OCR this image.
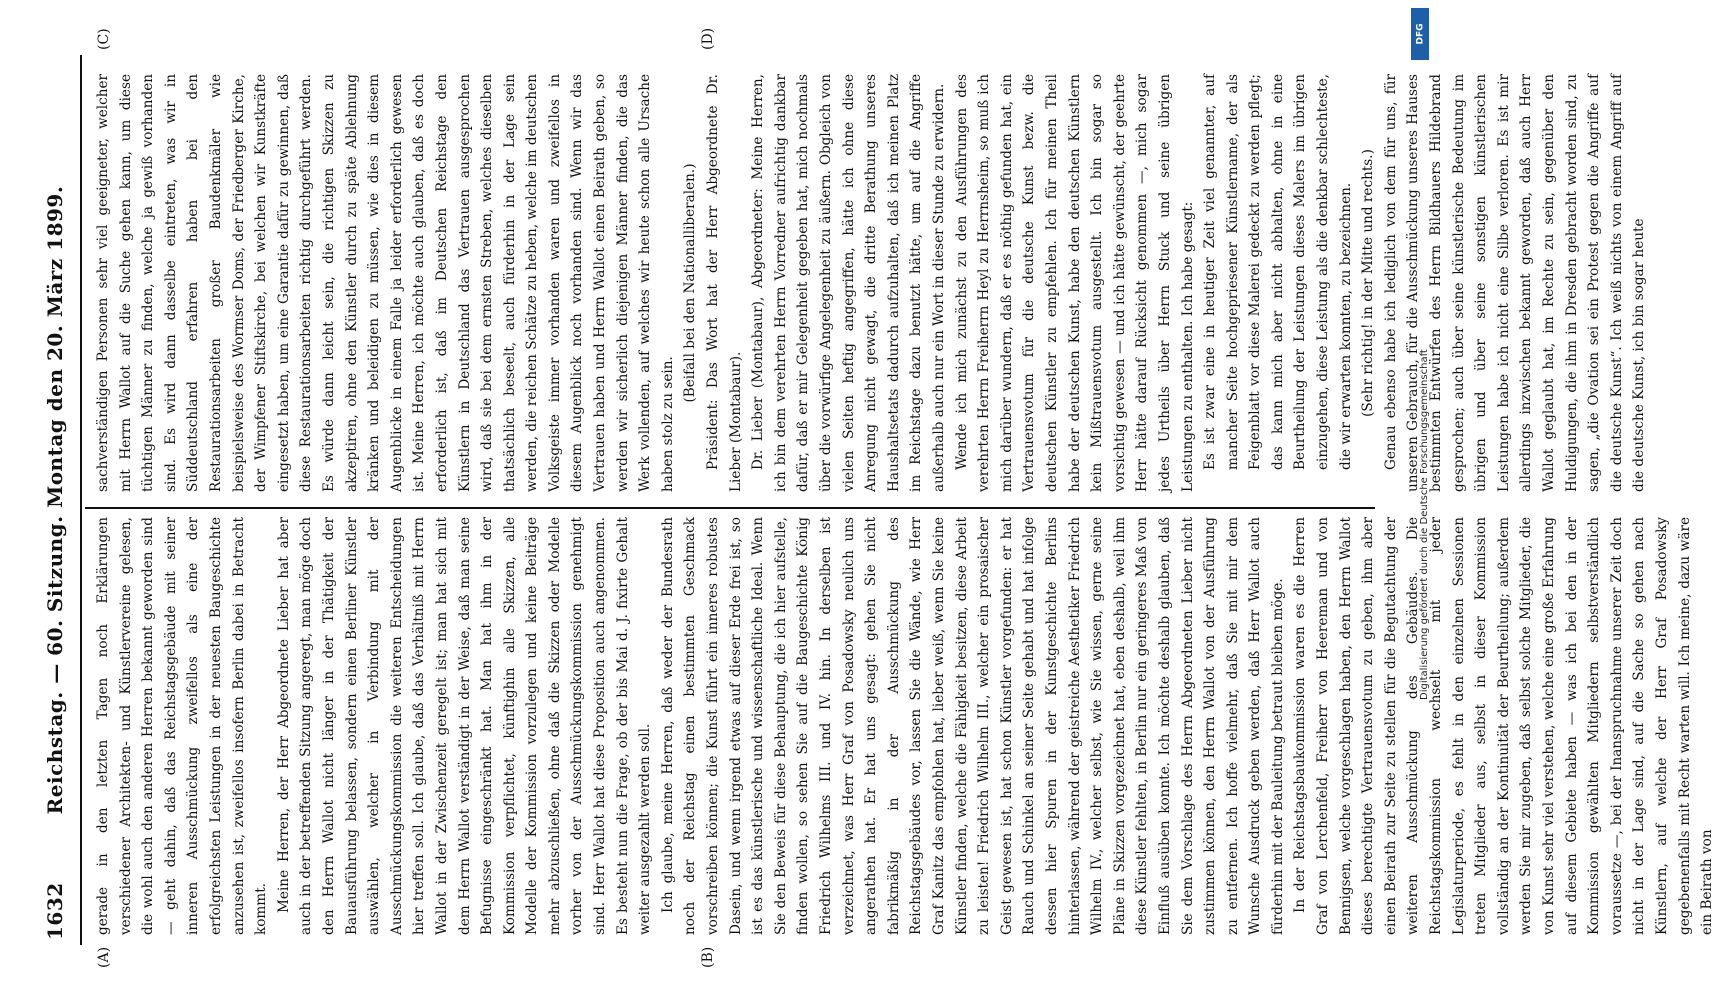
1632
Reichstag. — 60. Sitzung. Montag den 20. März 1899.
(A)	(B)
(C)	(D)

gerade in den letzten Tagen noch Erklärungen verschiedener Architekten- und Künstlervereine gelesen, die wohl auch den anderen Herren bekannt geworden sind — geht dahin, daß das Reichstagsgebäude mit seiner inneren Ausschmückung zweifellos als eine der erfolgreichsten Leistungen in der neuesten Baugeschichte anzusehen ist, zweifellos insofern Berlin dabei in Betracht kommt. Meine Herren, der Herr Abgeordnete Lieber hat aber auch in der betreffenden Sitzung angeregt, man möge doch den Herrn Wallot nicht länger in der Thätigkeit der Bauausführung belassen, sondern einen Berliner Künstler auswählen, welcher in Verbindung mit der Ausschmückungskommission die weiteren Entscheidungen hier treffen soll. Ich glaube, daß das Verhältniß mit Herrn Wallot in der Zwischenzeit geregelt ist; man hat sich mit dem Herrn Wallot verständigt in der Weise, daß man seine Befugnisse eingeschränkt hat. Man hat ihm in der Kommission verpflichtet, künftighin alle Skizzen, alle Modelle der Kommission vorzulegen und keine Beiträge mehr abzuschließen, ohne daß die Skizzen oder Modelle vorher von der Ausschmückungskommission genehmigt sind. Herr Wallot hat diese Proposition auch angenommen. Es besteht nun die Frage, ob der bis Mai d. J. fixirte Gehalt weiter ausgezahlt werden soll. Ich glaube, meine Herren, daß weder der Bundesrath noch der Reichstag einen bestimmten Geschmack vorschreiben können; die Kunst führt ein inneres robustes Dasein, und wenn irgend etwas auf dieser Erde frei ist, so ist es das künstlerische und wissenschaftliche Ideal. Wenn Sie den Beweis für diese Behauptung, die ich hier aufstelle, finden wollen, so sehen Sie auf die Baugeschichte König Friedrich Wilhelms III. und IV. hin. In derselben ist verzeichnet, was Herr Graf von Posadowsky neulich uns angerathen hat. Er hat uns gesagt: gehen Sie nicht fabrikmäßig in der Ausschmückung des Reichstagsgebäudes vor, lassen Sie die Wände, wie Herr Graf Kanitz das empfohlen hat, lieber weiß, wenn Sie keine Künstler finden, welche die Fähigkeit besitzen, diese Arbeit zu leisten! Friedrich Wilhelm III., welcher ein prosaischer Geist gewesen ist, hat schon Künstler vorgefunden: er hat Rauch und Schinkel an seiner Seite gehabt und hat infolge dessen hier Spuren in der Kunstgeschichte Berlins hinterlassen, während der geistreiche Aesthetiker Friedrich Wilhelm IV., welcher selbst, wie Sie wissen, gerne seine Pläne in Skizzen vorgezeichnet hat, eben deshalb, weil ihm diese Künstler fehlten, in Berlin nur ein geringeres Maß von Einfluß ausüben konnte. Ich möchte deshalb glauben, daß Sie dem Vorschlage des Herrn Abgeordneten Lieber nicht zustimmen können, den Herrn Wallot von der Ausführung zu entfernen. Ich hoffe vielmehr, daß Sie mit mir dem Wunsche Ausdruck geben werden, daß Herr Wallot auch fürderhin mit der Bauleitung betraut bleiben möge. In der Reichstagsbaukommission waren es die Herren Graf von Lerchenfeld, Freiherr von Heereman und von Bennigsen, welche vorgeschlagen haben, den Herrn Wallot dieses berechtigte Vertrauensvotum zu geben, ihm aber einen Beirath zur Seite zu stellen für die Begutachtung der weiteren Ausschmückung des Gebäudes. Die Reichstagskommission wechselt mit jeder Legislaturperiode, es fehlt in den einzelnen Sessionen treten Mitglieder aus, selbst in dieser Kommission vollständig an der Kontinuität der Beurtheilung; außerdem werden Sie mir zugeben, daß selbst solche Mitglieder, die von Kunst sehr viel verstehen, welche eine große Erfahrung auf diesem Gebiete haben — was ich bei den in der Kommission gewählten Mitgliedern selbstverständlich voraussetze —, bei der Inanspruchnahme unserer Zeit doch nicht in der Lage sind, auf die Sache so gehen nach Künstlern, auf welche der Herr Graf Posadowsky gegebenenfalls mit Recht warten will. Ich meine, dazu wäre ein Beirath von

sachverständigen Personen sehr viel geeigneter, welcher mit Herrn Wallot auf die Suche gehen kann, um diese tüchtigen Männer zu finden, welche ja gewiß vorhanden sind. Es wird dann dasselbe eintreten, was wir in Süddeutschland erfahren haben bei den Restaurationsarbeiten großer Baudenkmäler wie beispielsweise des Wormser Doms, der Friedberger Kirche, der Wimpfener Stiftskirche, bei welchen wir Kunstkräfte eingesetzt haben, um eine Garantie dafür zu gewinnen, daß diese Restaurationsarbeiten richtig durchgeführt werden. Es würde dann leicht sein, die richtigen Skizzen zu akzeptiren, ohne den Künstler durch zu späte Ablehnung kränken und beleidigen zu müssen, wie dies in diesem Augenblicke in einem Falle ja leider erforderlich gewesen ist. Meine Herren, ich möchte auch glauben, daß es doch erforderlich ist, daß im Deutschen Reichstage den Künstlern in Deutschland das Vertrauen ausgesprochen wird, daß sie bei dem ernsten Streben, welches dieselben thatsächlich beseelt, auch fürderhin in der Lage sein werden, die reichen Schätze zu heben, welche im deutschen Volksgeiste immer vorhanden waren und zweifellos in diesem Augenblick noch vorhanden sind. Wenn wir das Vertrauen haben und Herrn Wallot einen Beirath geben, so werden wir sicherlich diejenigen Männer finden, die das Werk vollenden, auf welches wir heute schon alle Ursache haben stolz zu sein.

(Beifall bei den Nationalliberalen.) Präsident: Das Wort hat der Herr Abgeordnete Dr. Lieber (Montabaur). Dr. Lieber (Montabaur), Abgeordneter: Meine Herren, ich bin dem verehrten Herrn Vorredner aufrichtig dankbar dafür, daß er mir Gelegenheit gegeben hat, mich nochmals über die vorwürfige Angelegenheit zu äußern. Obgleich von vielen Seiten heftig angegriffen, hätte ich ohne diese Anregung nicht gewagt, die dritte Berathung unseres Haushaltsetats dadurch aufzuhalten, daß ich meinen Platz im Reichstage dazu benutzt hätte, um auf die Angriffe außerhalb auch nur ein Wort in dieser Stunde zu erwidern. Wende ich mich zunächst zu den Ausführungen des verehrten Herrn Freiherrn Heyl zu Herrnsheim, so muß ich mich darüber wundern, daß er es nöthig gefunden hat, ein Vertrauensvotum für die deutsche Kunst bezw. die deutschen Künstler zu empfehlen. Ich für meinen Theil habe der deutschen Kunst, habe den deutschen Künstlern kein Mißtrauensvotum ausgestellt. Ich bin sogar so vorsichtig gewesen — und ich hätte gewünscht, der geehrte Herr hätte darauf Rücksicht genommen —, mich sogar jedes Urtheils über Herrn Stuck und seine übrigen Leistungen zu enthalten. Ich habe gesagt: Es ist zwar eine in heutiger Zeit viel genannter, auf mancher Seite hochgepriesener Künstlername, der als Feigenblatt vor diese Malerei gedeckt zu werden pflegt; das kann mich aber nicht abhalten, ohne in eine Beurtheilung der Leistungen dieses Malers im übrigen einzugehen, diese Leistung als die denkbar schlechteste, die wir erwarten konnten, zu bezeichnen. (Sehr richtig! in der Mitte und rechts.) Genau ebenso habe ich lediglich von dem für uns, für unseren Gebrauch, für die Ausschmückung unseres Hauses bestimmten Entwürfen des Herrn Bildhauers Hildebrand gesprochen; auch über seine künstlerische Bedeutung im übrigen und über seine sonstigen künstlerischen Leistungen habe ich nicht eine Silbe verloren. Es ist mir allerdings inzwischen bekannt geworden, daß auch Herr Wallot geglaubt hat, im Rechte zu sein, gegenüber den Huldigungen, die ihm in Dresden gebracht worden sind, zu sagen, „die Ovation sei ein Protest gegen die Angriffe auf die deutsche Kunst“. Ich weiß nichts von einem Angriff auf die deutsche Kunst, ich bin sogar heute

Digitalisierung gefördert durch die Deutsche Forschungsgemeinschaft
DFG
